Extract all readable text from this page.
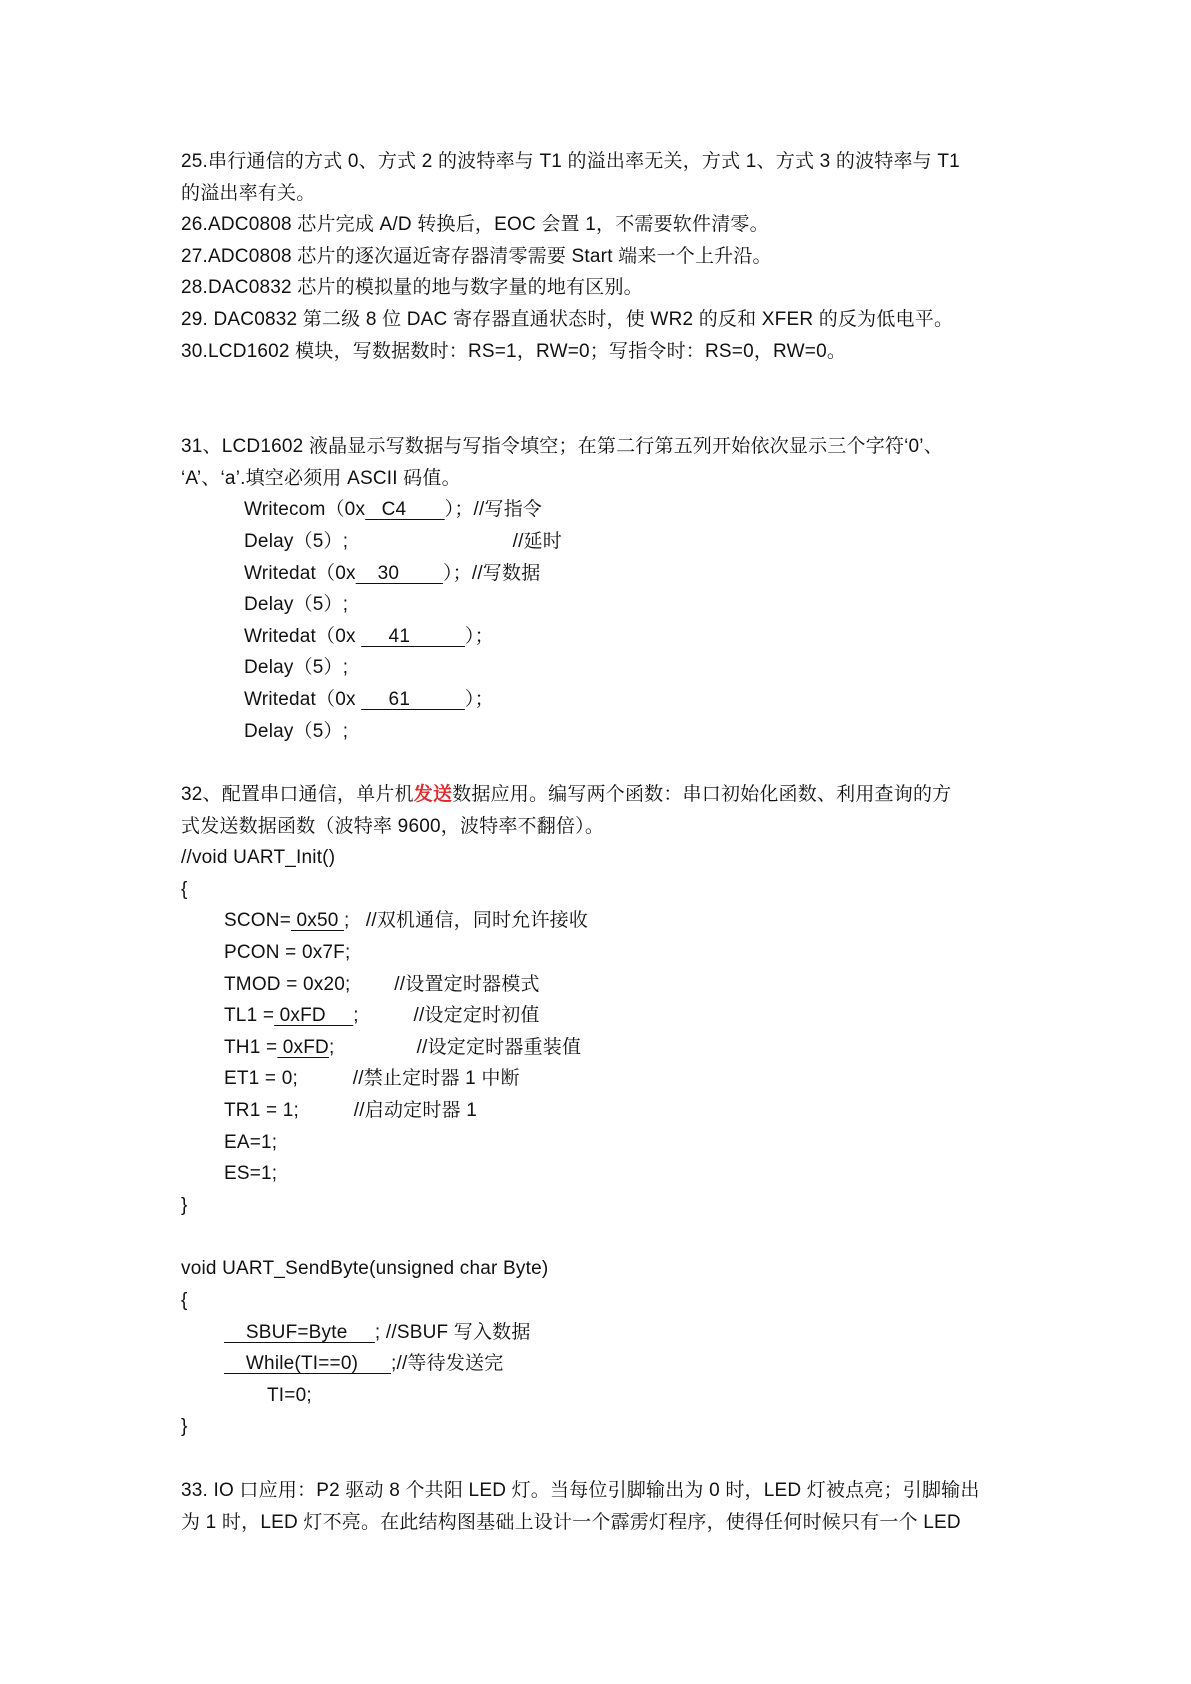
25.串行通信的方式 0、方式 2 的波特率与 T1 的溢出率无关，方式 1、方式 3 的波特率与 T1
的溢出率有关。
26.ADC0808 芯片完成 A/D 转换后，EOC 会置 1，不需要软件清零。
27.ADC0808 芯片的逐次逼近寄存器清零需要 Start 端来一个上升沿。
28.DAC0832 芯片的模拟量的地与数字量的地有区别。
29. DAC0832 第二级 8 位 DAC 寄存器直通状态时，使 WR2 的反和 XFER 的反为低电平。
30.LCD1602 模块，写数据数时：RS=1，RW=0；写指令时：RS=0，RW=0。
31、LCD1602 液晶显示写数据与写指令填空；在第二行第五列开始依次显示三个字符‘0’、
‘A’、‘a’.填空必须用 ASCII 码值。
Writecom（0x   C4       ）；//写指令
Delay（5）;                              //延时
Writedat（0x    30        ）；//写数据
Delay（5）;
Writedat（0x      41          ）；
Delay（5）;
Writedat（0x      61          ）；
Delay（5）;
32、配置串口通信，单片机发送数据应用。编写两个函数：串口初始化函数、利用查询的方
式发送数据函数（波特率 9600，波特率不翻倍）。
//void UART_Init()
{
SCON= 0x50 ;   //双机通信，同时允许接收
PCON = 0x7F;
TMOD = 0x20;        //设置定时器模式
TL1 = 0xFD     ;          //设定定时初值
TH1 = 0xFD;               //设定定时器重装值
ET1 = 0;          //禁止定时器 1 中断
TR1 = 1;          //启动定时器 1
EA=1;
ES=1;
}
void UART_SendByte(unsigned char Byte)
{
SBUF=Byte     ; //SBUF 写入数据
While(TI==0)      ;//等待发送完
TI=0;
}
33. IO 口应用：P2 驱动 8 个共阳 LED 灯。当每位引脚输出为 0 时，LED 灯被点亮；引脚输出
为 1 时，LED 灯不亮。在此结构图基础上设计一个霹雳灯程序，使得任何时候只有一个 LED
